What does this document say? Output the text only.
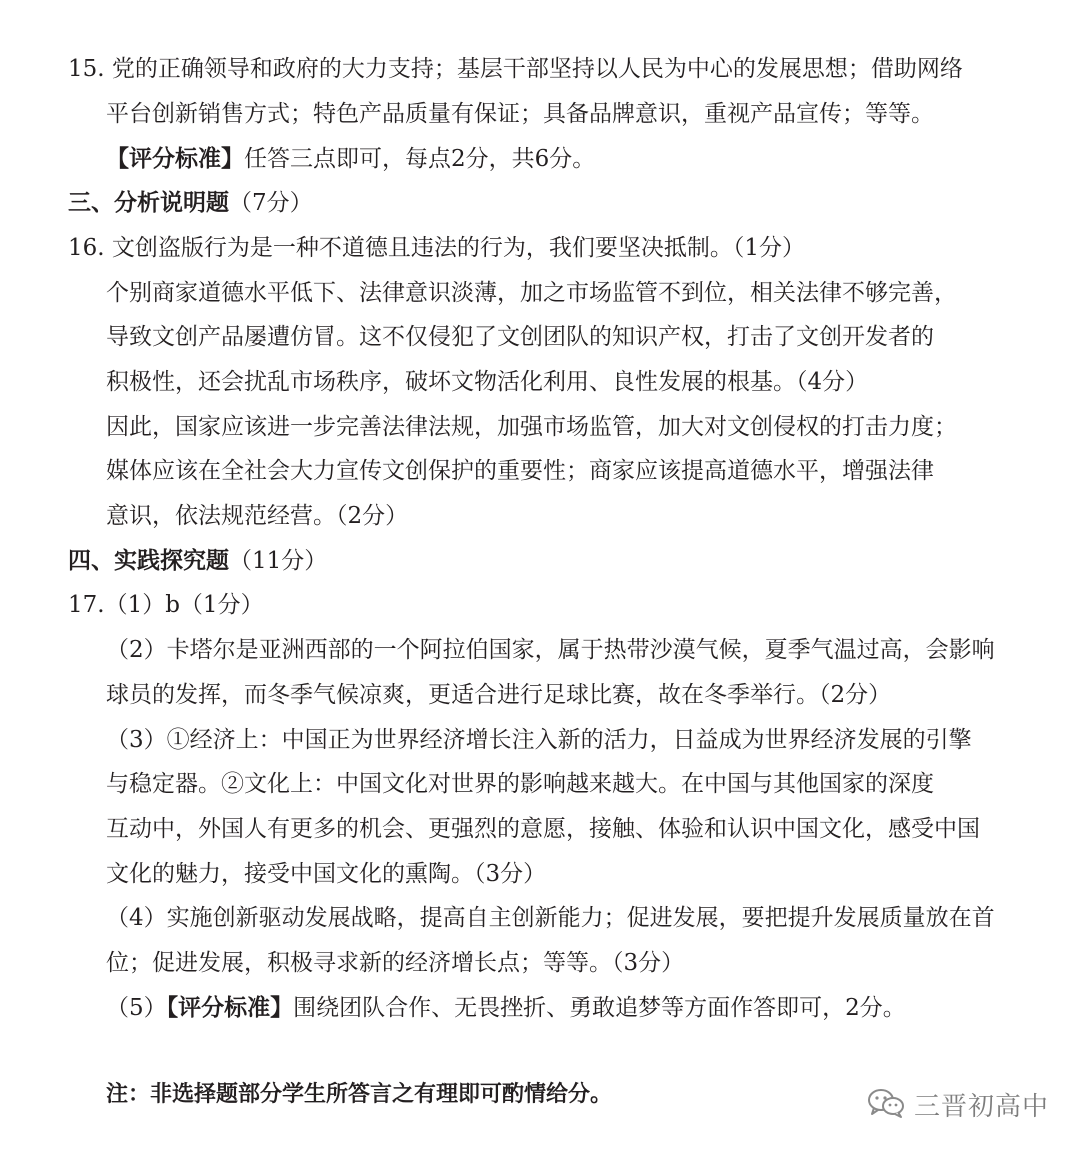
15. 党的正确领导和政府的大力支持；基层干部坚持以人民为中心的发展思想；借助网络
平台创新销售方式；特色产品质量有保证；具备品牌意识，重视产品宣传；等等。
【评分标准】任答三点即可，每点2分，共6分。
三、分析说明题（7分）
16. 文创盗版行为是一种不道德且违法的行为，我们要坚决抵制。（1分）
个别商家道德水平低下、法律意识淡薄，加之市场监管不到位，相关法律不够完善，
导致文创产品屡遭仿冒。这不仅侵犯了文创团队的知识产权，打击了文创开发者的
积极性，还会扰乱市场秩序，破坏文物活化利用、良性发展的根基。（4分）
因此，国家应该进一步完善法律法规，加强市场监管，加大对文创侵权的打击力度；
媒体应该在全社会大力宣传文创保护的重要性；商家应该提高道德水平，增强法律
意识，依法规范经营。（2分）
四、实践探究题（11分）
17.（1）b（1分）
（2）卡塔尔是亚洲西部的一个阿拉伯国家，属于热带沙漠气候，夏季气温过高，会影响
球员的发挥，而冬季气候凉爽，更适合进行足球比赛，故在冬季举行。（2分）
（3）①经济上：中国正为世界经济增长注入新的活力，日益成为世界经济发展的引擎
与稳定器。②文化上：中国文化对世界的影响越来越大。在中国与其他国家的深度
互动中，外国人有更多的机会、更强烈的意愿，接触、体验和认识中国文化，感受中国
文化的魅力，接受中国文化的熏陶。（3分）
（4）实施创新驱动发展战略，提高自主创新能力；促进发展，要把提升发展质量放在首
位；促进发展，积极寻求新的经济增长点；等等。（3分）
（5）【评分标准】围绕团队合作、无畏挫折、勇敢追梦等方面作答即可，2分。
注：非选择题部分学生所答言之有理即可酌情给分。	三晋初高中
